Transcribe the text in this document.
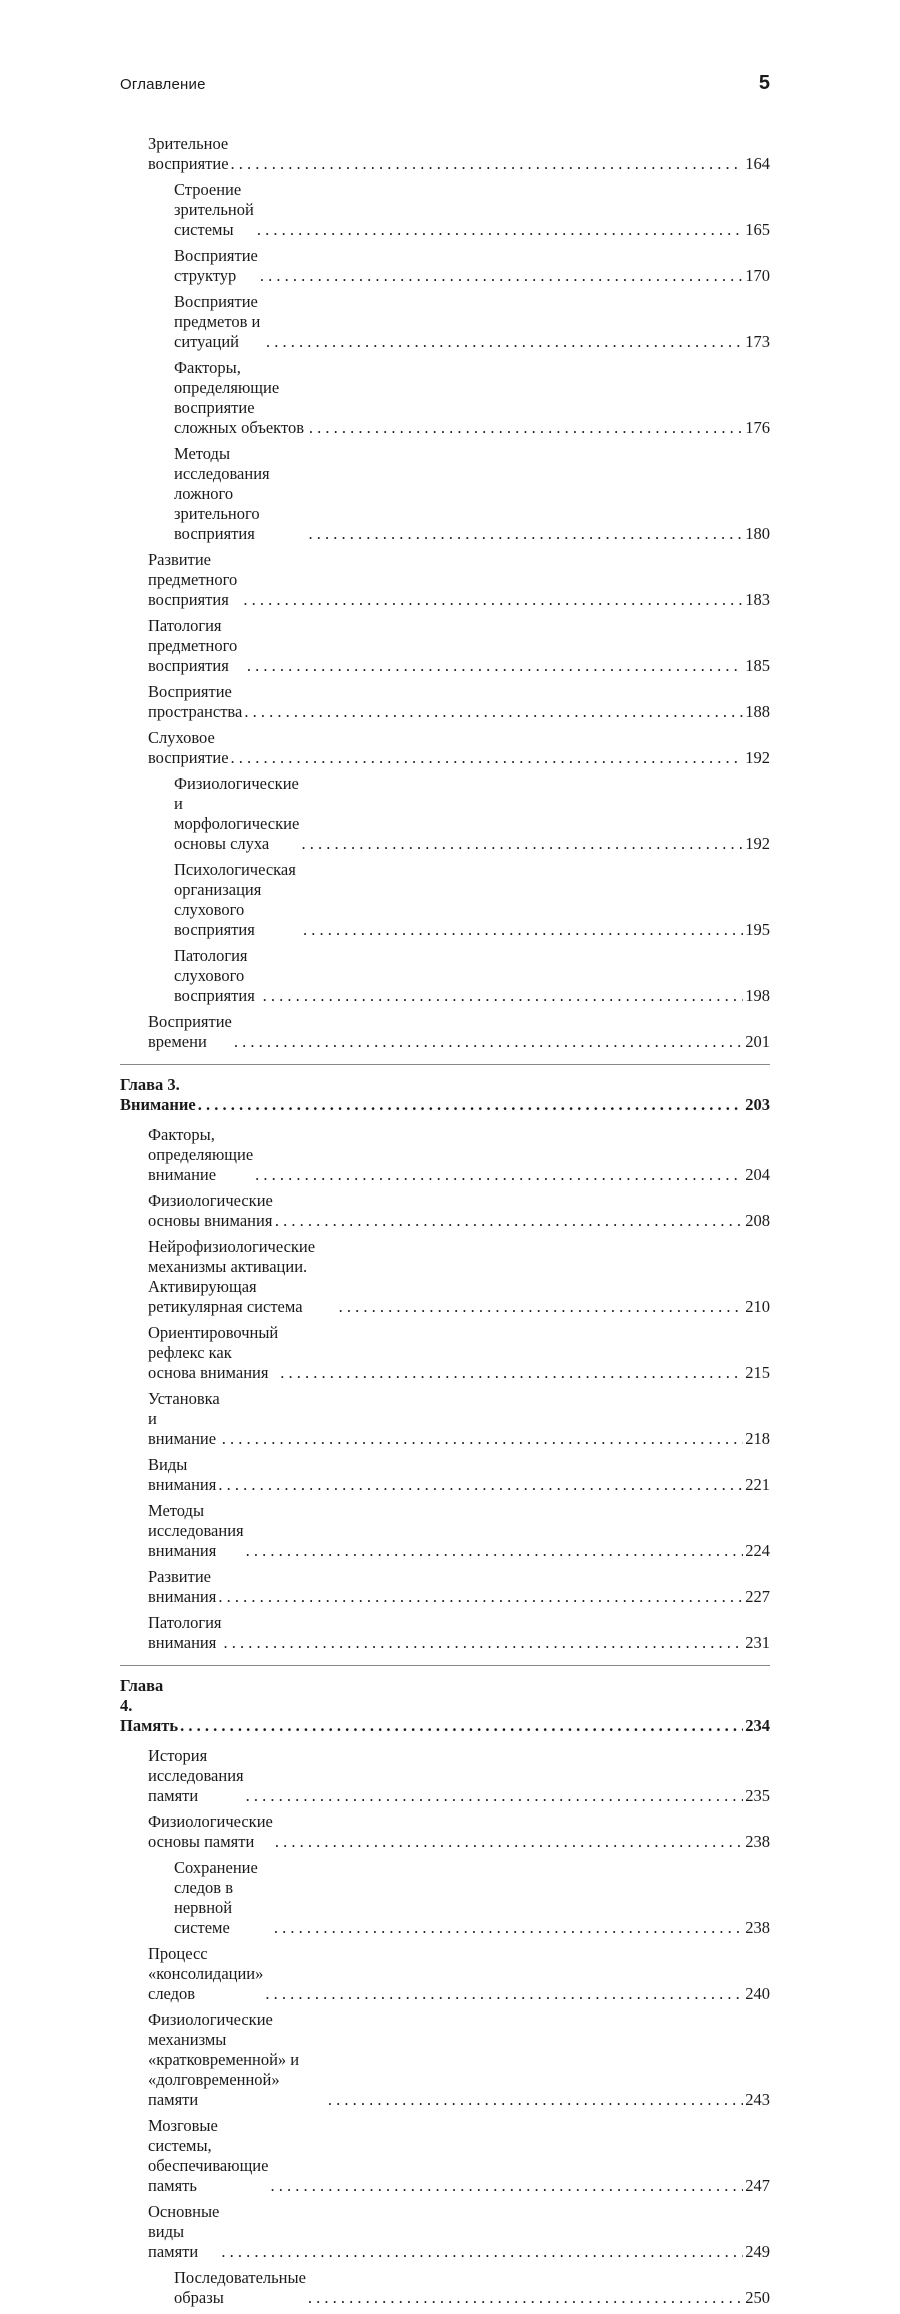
Оглавление	5
Зрительное восприятие . . .	164
Строение зрительной системы . . .	165
Восприятие структур . . .	170
Восприятие предметов и ситуаций . . .	173
Факторы, определяющие восприятие сложных объектов . . .	176
Методы исследования ложного зрительного восприятия . . .	180
Развитие предметного восприятия . . .	183
Патология предметного восприятия . . .	185
Восприятие пространства . . .	188
Слуховое восприятие . . .	192
Физиологические и морфологические основы слуха . . .	192
Психологическая организация слухового восприятия . . .	195
Патология слухового восприятия . . .	198
Восприятие времени . . .	201
Глава 3. Внимание . . .	203
Факторы, определяющие внимание . . .	204
Физиологические основы внимания . . .	208
Нейрофизиологические механизмы активации. Активирующая ретикулярная система . . .	210
Ориентировочный рефлекс как основа внимания . . .	215
Установка и внимание . . .	218
Виды внимания . . .	221
Методы исследования внимания . . .	224
Развитие внимания . . .	227
Патология внимания . . .	231
Глава 4. Память . . .	234
История исследования памяти . . .	235
Физиологические основы памяти . . .	238
Сохранение следов в нервной системе . . .	238
Процесс «консолидации» следов . . .	240
Физиологические механизмы «кратковременной» и «долговременной» памяти . . .	243
Мозговые системы, обеспечивающие память . . .	247
Основные виды памяти . . .	249
Последовательные образы . . .	250
